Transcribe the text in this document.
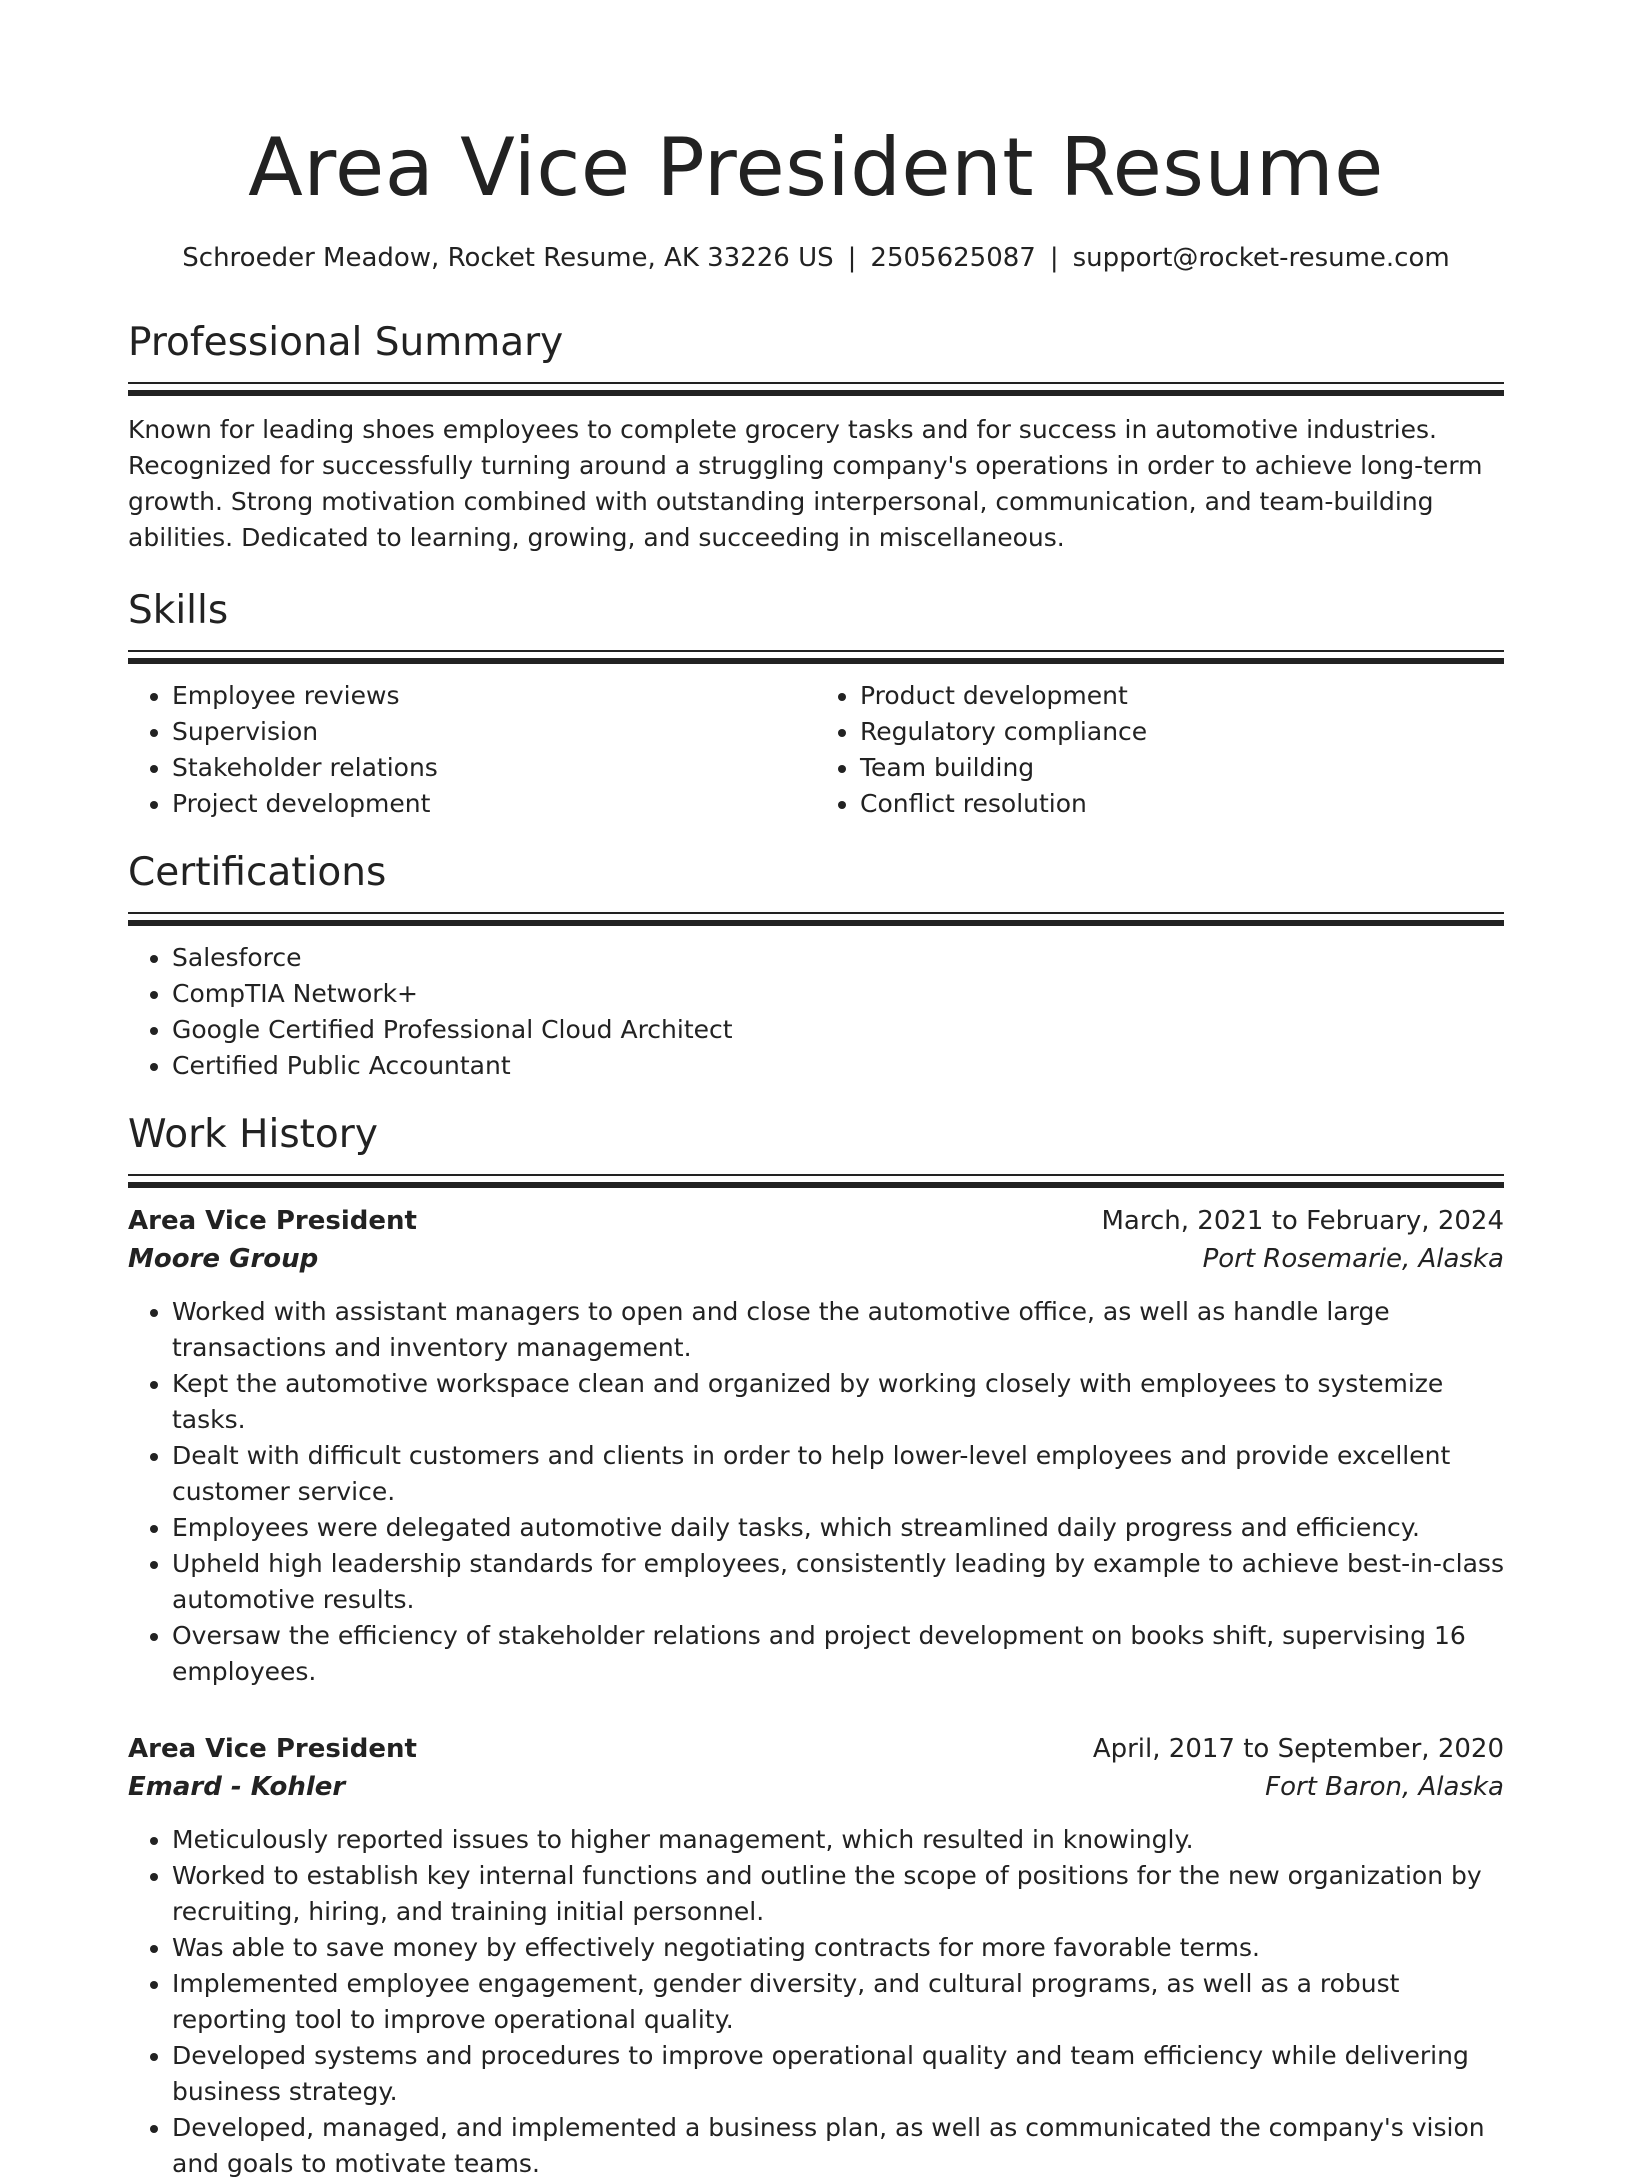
Area Vice President Resume
Schroeder Meadow, Rocket Resume, AK 33226 US | 2505625087 | support@rocket-resume.com
Professional Summary

Known for leading shoes employees to complete grocery tasks and for success in automotive industries. Recognized for successfully turning around a struggling company's operations in order to achieve long-term growth. Strong motivation combined with outstanding interpersonal, communication, and team-building abilities. Dedicated to learning, growing, and succeeding in miscellaneous.

Skills
• Employee reviews
• Supervision
• Stakeholder relations
• Project development
• Product development
• Regulatory compliance
• Team building
• Conflict resolution
Certifications
• Salesforce
• CompTIA Network+
• Google Certified Professional Cloud Architect
• Certified Public Accountant
Work History
Area Vice President	March, 2021 to February, 2024
Moore Group	Port Rosemarie, Alaska
• Worked with assistant managers to open and close the automotive office, as well as handle large transactions and inventory management.
• Kept the automotive workspace clean and organized by working closely with employees to systemize tasks.
• Dealt with difficult customers and clients in order to help lower-level employees and provide excellent customer service.
• Employees were delegated automotive daily tasks, which streamlined daily progress and efficiency.
• Upheld high leadership standards for employees, consistently leading by example to achieve best-in-class automotive results.
• Oversaw the efficiency of stakeholder relations and project development on books shift, supervising 16 employees.
Area Vice President	April, 2017 to September, 2020
Emard - Kohler	Fort Baron, Alaska
• Meticulously reported issues to higher management, which resulted in knowingly.
• Worked to establish key internal functions and outline the scope of positions for the new organization by recruiting, hiring, and training initial personnel.
• Was able to save money by effectively negotiating contracts for more favorable terms.
• Implemented employee engagement, gender diversity, and cultural programs, as well as a robust reporting tool to improve operational quality.
• Developed systems and procedures to improve operational quality and team efficiency while delivering business strategy.
• Developed, managed, and implemented a business plan, as well as communicated the company's vision and goals to motivate teams.
